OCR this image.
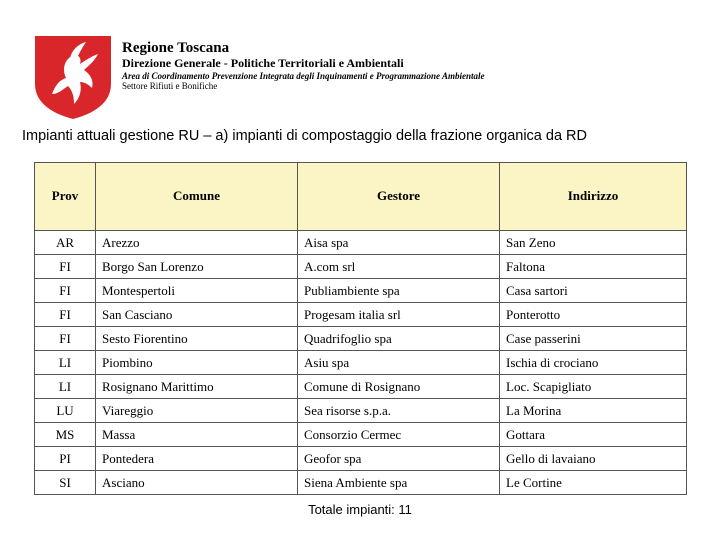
Regione Toscana
Direzione Generale - Politiche Territoriali e Ambientali
Area di Coordinamento Prevenzione Integrata degli Inquinamenti e Programmazione Ambientale
Settore Rifiuti e Bonifiche
Impianti attuali gestione RU – a) impianti di compostaggio della frazione organica da RD
Prov	Comune	Gestore	Indirizzo
AR	Arezzo	Aisa spa	San Zeno
FI	Borgo San Lorenzo	A.com srl	Faltona
FI	Montespertoli	Publiambiente spa	Casa sartori
FI	San Casciano	Progesam italia srl	Ponterotto
FI	Sesto Fiorentino	Quadrifoglio spa	Case passerini
LI	Piombino	Asiu spa	Ischia di crociano
LI	Rosignano Marittimo	Comune di Rosignano	Loc. Scapigliato
LU	Viareggio	Sea risorse s.p.a.	La Morina
MS	Massa	Consorzio Cermec	Gottara
PI	Pontedera	Geofor spa	Gello di lavaiano
SI	Asciano	Siena Ambiente spa	Le Cortine
Totale impianti: 11
